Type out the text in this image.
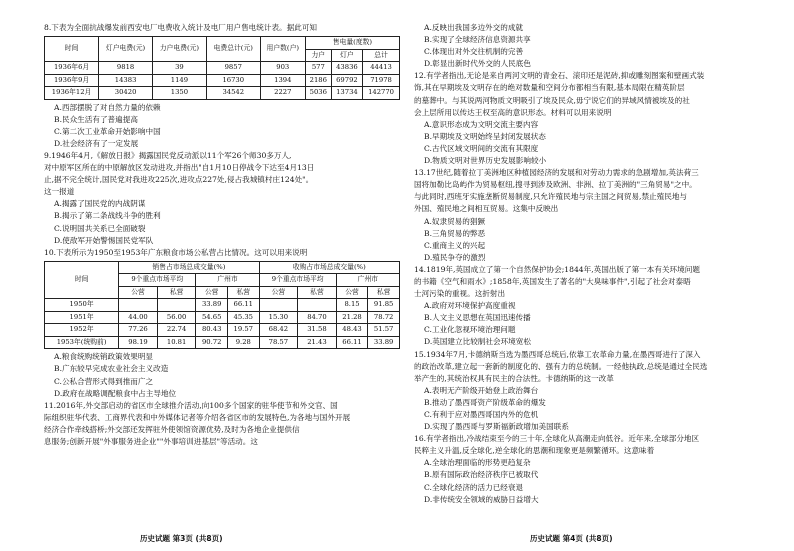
8.下表为全面抗战爆发前西安电厂电费收入统计及电厂用户售电统计表。据此可知

时间	灯户电费(元)	力户电费(元)	电费总计(元)	用户数(户)	售电量(度数)		
					力户	灯户	总计
1936年6月	9818	39	9857	903	577	43836	44413
1936年9月	14383	1149	16730	1394	2186	69792	71978
1936年12月	30420	1350	34542	2227	5036	13734	142770

A.西部摆脱了对自然力量的依赖

B.民众生活有了普遍提高

C.第二次工业革命开始影响中国

D.社会经济有了一定发展

9.1946年4月,《解放日报》揭露国民党反动派以11个军26个师30多万人,

对中原军区所在的中原解放区发动进攻,并指出"自1月10日停战令下达至4月13日

止,据不完全统计,国民党对我进攻225次,进攻点227处,侵占我城镇村庄124处"。

这一报道

A.揭露了国民党的内战阴谋

B.揭示了第二条战线斗争的胜利

C.说明国共关系已全面破裂

D.使敌军开始警惕国民党军队

10.下表所示为1950至1953年广东粮食市场公私营占比情况。这可以用来说明

时间	销售占市场总成交量(%)				收购占市场总成交量(%)			
	9个重点市场平均		广州市		9个重点市场平均		广州市	
	公营	私营	公营	私营	公营	私营	公营	私营
1950年			33.89	66.11			8.15	91.85
1951年	44.00	56.00	54.65	45.35	15.30	84.70	21.28	78.72
1952年	77.26	22.74	80.43	19.57	68.42	31.58	48.43	51.57
1953年(统购前)	98.19	10.81	90.72	9.28	78.57	21.43	66.11	33.89

A.粮食统购统销政策效果明显

B.广东较早完成农业社会主义改造

C.公私合营形式得到推而广之

D.政府在战略调配粮食中占主导地位

11.2016年,外交部启动的省区市全球推介活动,向100多个国家的驻华使节和外交官、国

际组织驻华代表、工商界代表和中外媒体记者等介绍各省区市的发展特色,为各地与国外开展

经济合作牵线搭桥;外交部还发挥驻外使领馆资源优势,及时为各地企业提供信

息服务;创新开展"外事服务进企业""外事培训进基层"等活动。这

A.反映出我国多边外交的成就

B.实现了全球经济信息资源共享

C.体现出对外交往机制的完善

D.彰显出新时代外交的人民底色

12.有学者指出,无论是来自两河文明的青金石、滚印还是泥砖,抑或雕刻图案和壁画式装

饰,其在早期埃及文明存在的绝对数量和空间分布都相当有限,基本局限在精英阶层

的墓葬中。与其说两河物质文明吸引了埃及民众,毋宁说它们的异域风情被埃及的社

会上层所用以传达王权至高的意识形态。材料可以用来说明

A.意识形态成为文明交流主要内容

B.早期埃及文明始终呈封闭发展状态

C.古代区域文明间的交流有其限度

D.物质文明对世界历史发展影响较小

13.17世纪,随着拉丁美洲地区种植园经济的发展和对劳动力需求的急剧增加,英法荷三

国将加勒比岛屿作为贸易枢纽,搜寻到涉及欧洲、非洲、拉丁美洲的"三角贸易"之中。

与此同时,西班牙实施垄断贸易制度,只允许殖民地与宗主国之间贸易,禁止殖民地与

外国、殖民地之间相互贸易。这集中反映出

A.奴隶贸易的猖獗

B.三角贸易的弊恶

C.重商主义的兴起

D.殖民争夺的激烈

14.1819年,英国成立了第一个自然保护协会;1844年,英国出版了第一本有关环境问题

的书籍《空气和雨水》;1858年,英国发生了著名的"大臭味事件",引起了社会对泰晤

士河污染的重视。这折射出

A.政府对环境保护高度重视

B.人文主义思想在英国迅速传播

C.工业化忽视环境治理问题

D.英国建立比较制社会环境宽松

15.1934年7月,卡德纳斯当选为墨西哥总统后,依靠工农革命力量,在墨西哥进行了深入

的政治改革,建立起一套新的制度化的、强有力的总统制。一经他执政,总统是通过全民选

举产生的,其统治权具有民主的合法性。卡德纳斯的这一改革

A.表明无产阶级开始登上政治舞台

B.推动了墨西哥资产阶级革命的爆发

C.有利于应对墨西哥国内外的危机

D.实现了墨西哥与罗斯福新政增加美国联系

16.有学者指出,冷战结束至今的三十年,全球化从高潮走向低谷。近年来,全球部分地区

民粹主义升温,反全球化,逆全球化的思潮和现象更是频繁循环。这意味着

A.全球治理面临的形势更趋复杂

B.原有国际政治经济秩序已被取代

C.全球化经济的活力已经衰退

D.非传统安全领域的威胁日益增大

历史试题 第3页 (共8页)	历史试题 第4页 (共8页)
